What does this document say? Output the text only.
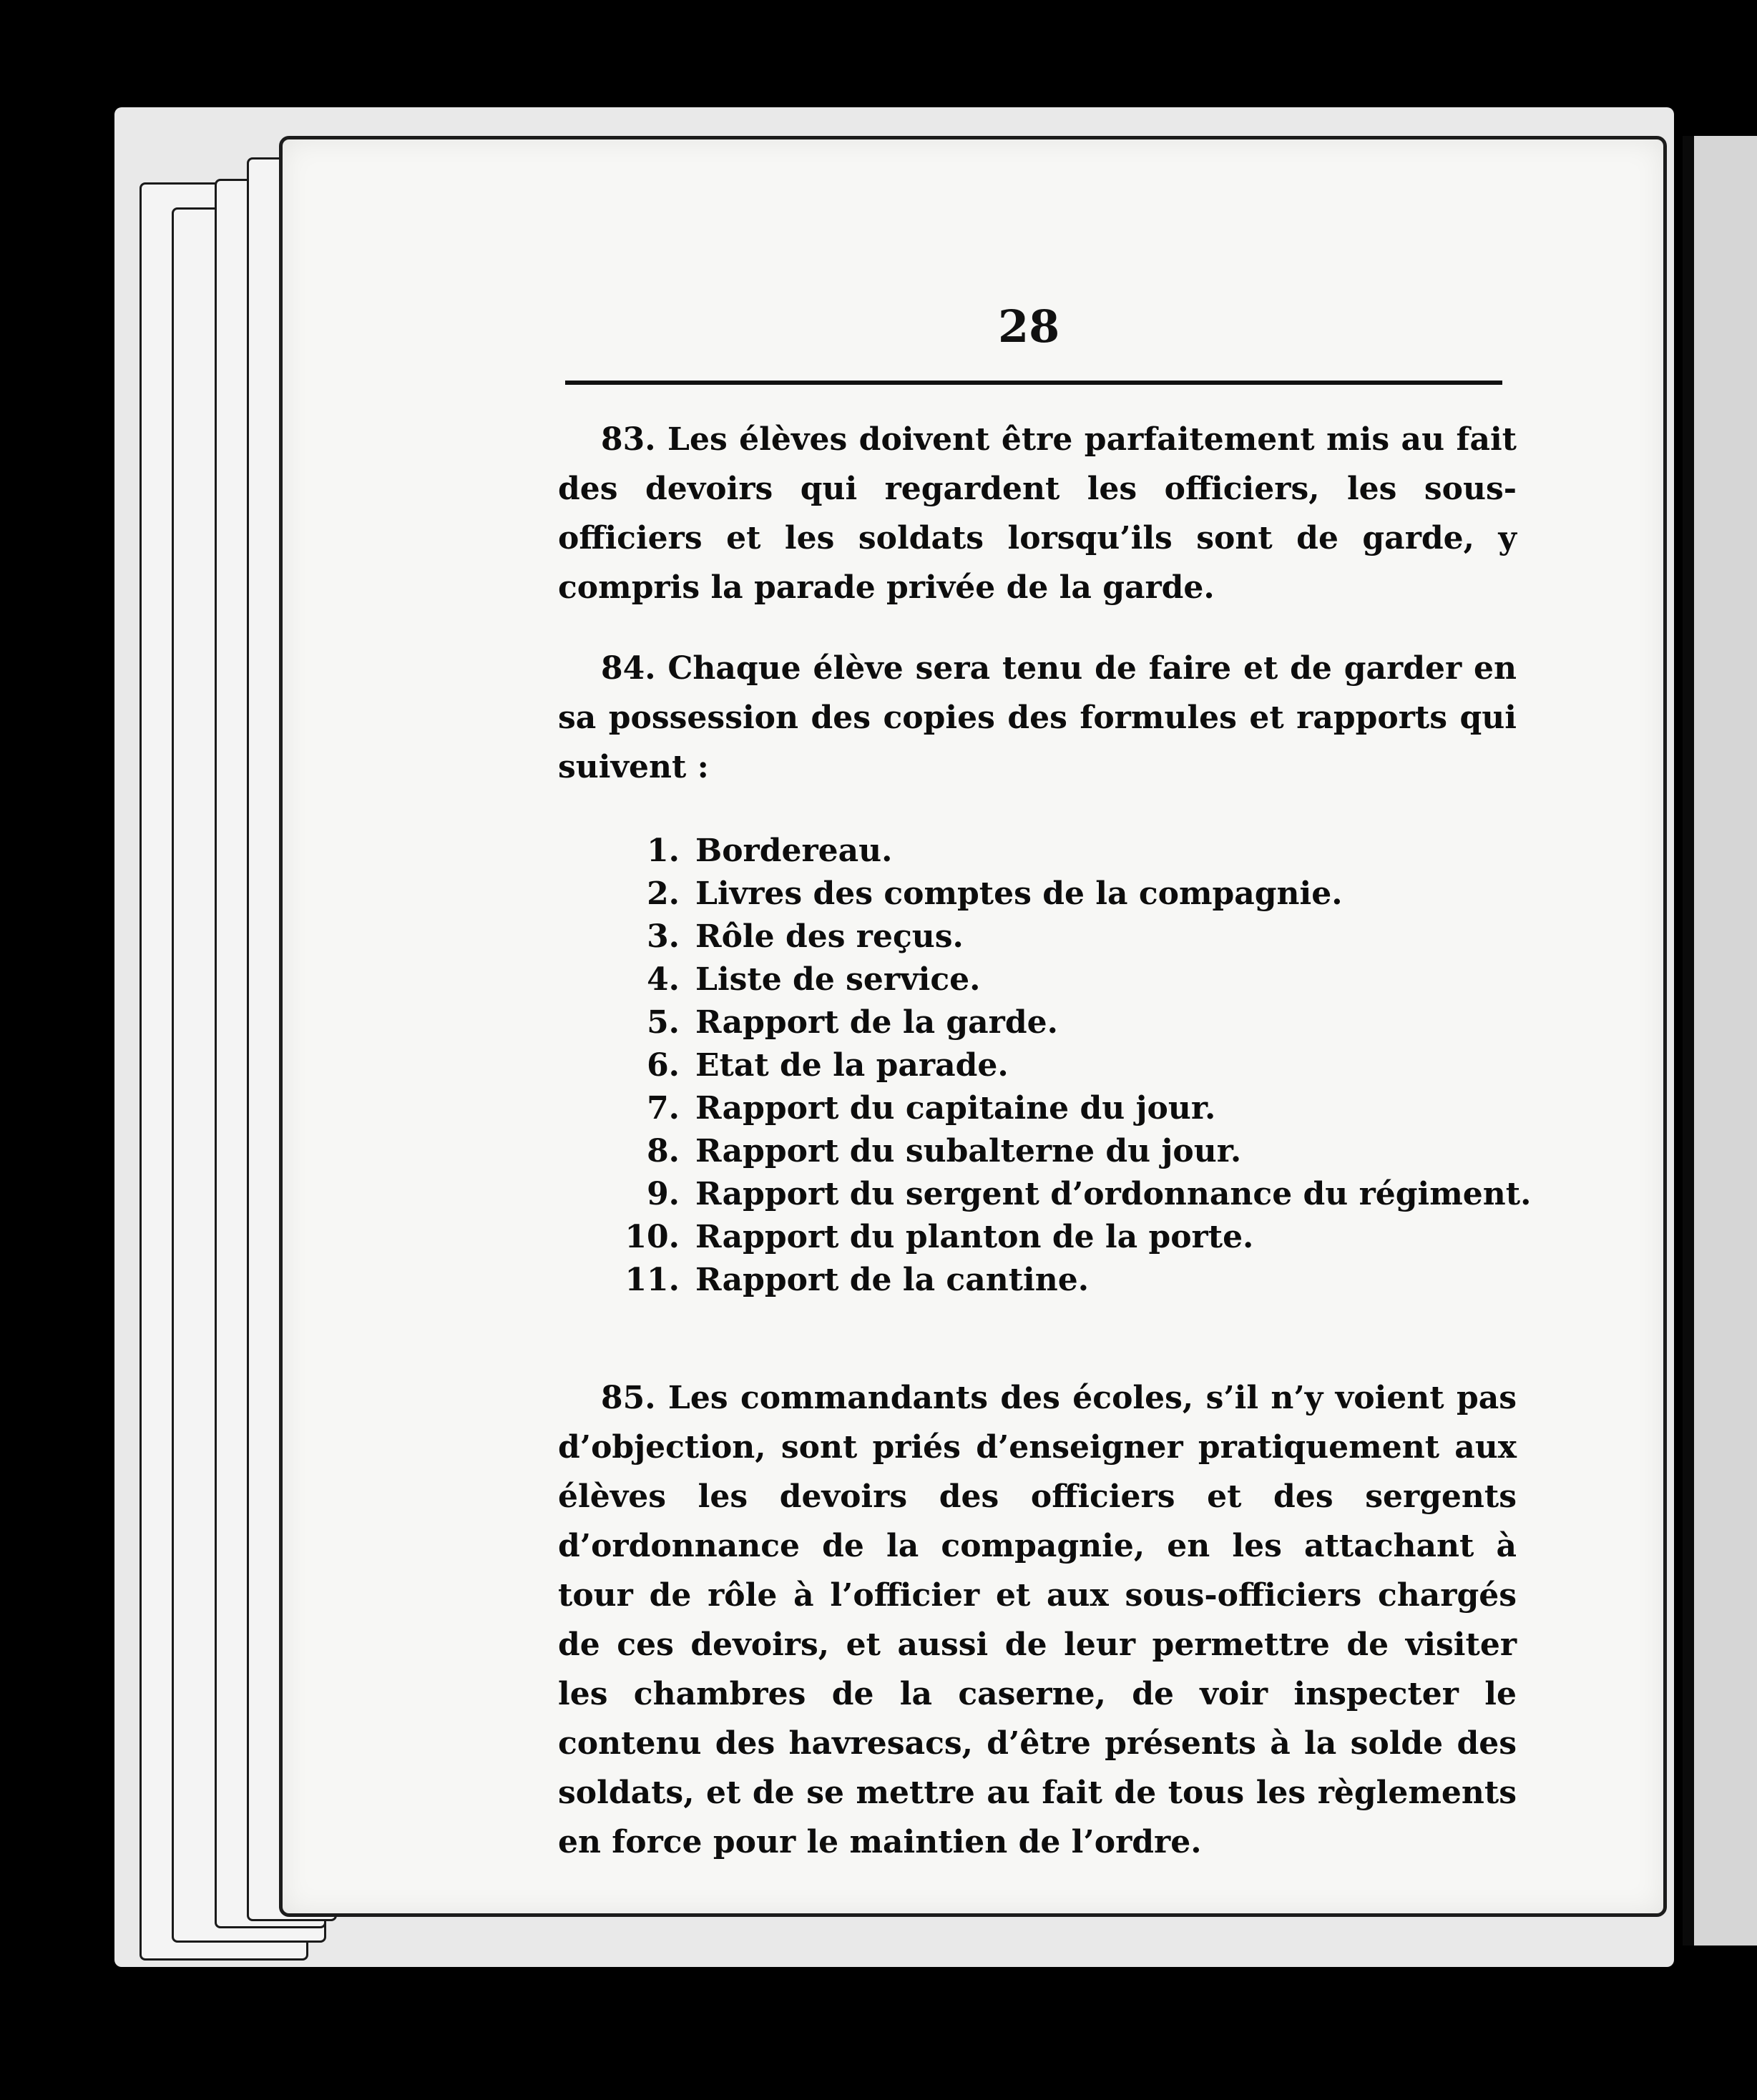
28

83. Les élèves doivent être parfaitement mis au fait des devoirs qui regardent les officiers, les sous-officiers et les soldats lorsqu’ils sont de garde, y compris la parade privée de la garde.

84. Chaque élève sera tenu de faire et de garder en sa possession des copies des formules et rapports qui suivent :

1. Bordereau.
2. Livres des comptes de la compagnie.
3. Rôle des reçus.
4. Liste de service.
5. Rapport de la garde.
6. Etat de la parade.
7. Rapport du capitaine du jour.
8. Rapport du subalterne du jour.
9. Rapport du sergent d’ordonnance du régiment.
10. Rapport du planton de la porte.
11. Rapport de la cantine.

85. Les commandants des écoles, s’il n’y voient pas d’objection, sont priés d’enseigner pratiquement aux élèves les devoirs des officiers et des sergents d’ordonnance de la compagnie, en les attachant à tour de rôle à l’officier et aux sous-officiers chargés de ces devoirs, et aussi de leur permettre de visiter les chambres de la caserne, de voir inspecter le contenu des havresacs, d’être présents à la solde des soldats, et de se mettre au fait de tous les règlements en force pour le maintien de l’ordre.
